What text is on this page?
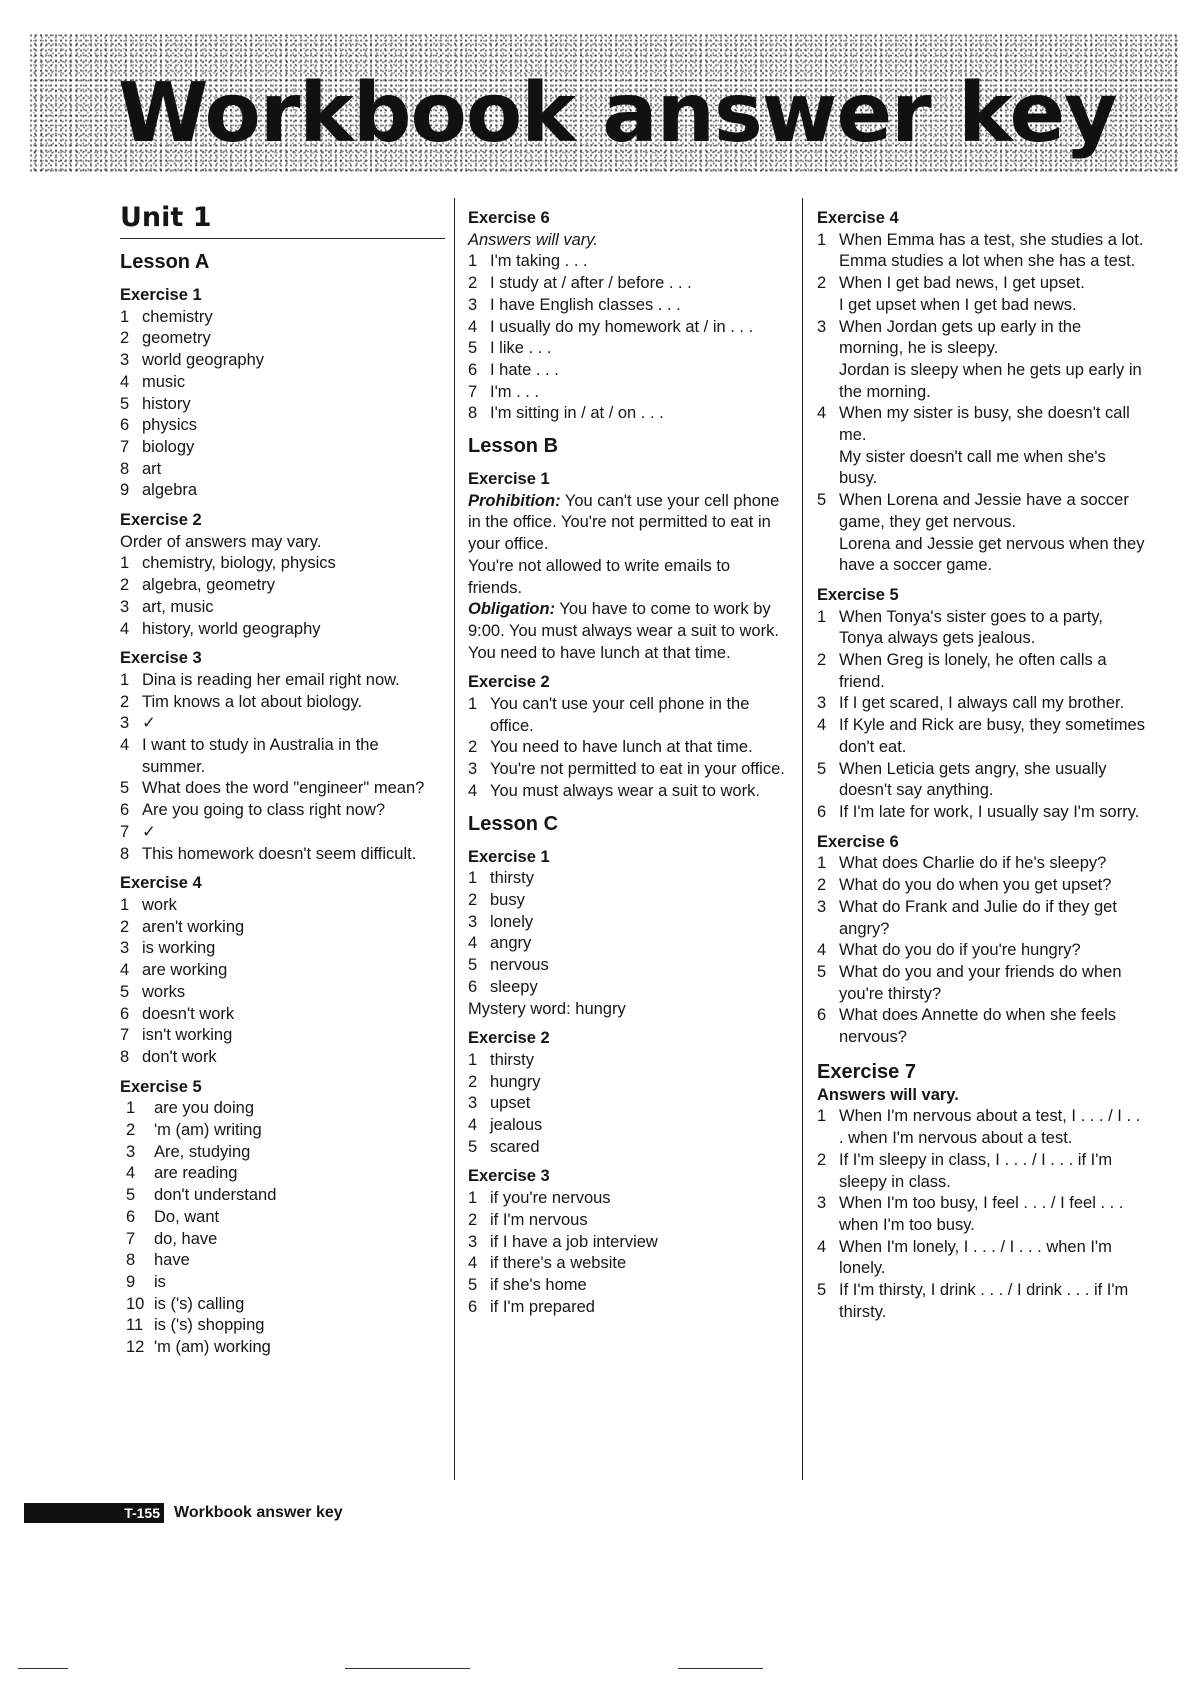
Workbook answer key
Unit 1
Lesson A
Exercise 1
1 chemistry
2 geometry
3 world geography
4 music
5 history
6 physics
7 biology
8 art
9 algebra
Exercise 2
Order of answers may vary.
1 chemistry, biology, physics
2 algebra, geometry
3 art, music
4 history, world geography
Exercise 3
1 Dina is reading her email right now.
2 Tim knows a lot about biology.
3 ✓
4 I want to study in Australia in the summer.
5 What does the word "engineer" mean?
6 Are you going to class right now?
7 ✓
8 This homework doesn't seem difficult.
Exercise 4
1 work
2 aren't working
3 is working
4 are working
5 works
6 doesn't work
7 isn't working
8 don't work
Exercise 5
1	are you doing
2	'm (am) writing
3	Are, studying
4	are reading
5	don't understand
6	Do, want
7	do, have
8	have
9	is
10 is ('s) calling
11 is ('s) shopping
12 'm (am) working
Exercise 6
Answers will vary.
1 I'm taking . . .
2 I study at / after / before . . .
3 I have English classes . . .
4 I usually do my homework at / in . . .
5 I like . . .
6 I hate . . .
7 I'm . . .
8 I'm sitting in / at / on . . .
Lesson B
Exercise 1
Prohibition: You can't use your cell phone in the office. You're not permitted to eat in your office.
You're not allowed to write emails to friends.
Obligation: You have to come to work by 9:00. You must always wear a suit to work. You need to have lunch at that time.
Exercise 2
1 You can't use your cell phone in the office.
2 You need to have lunch at that time.
3 You're not permitted to eat in your office.
4 You must always wear a suit to work.
Lesson C
Exercise 1
1 thirsty
2 busy
3 lonely
4 angry
5 nervous
6 sleepy
Mystery word: hungry
Exercise 2
1 thirsty
2 hungry
3 upset
4 jealous
5 scared
Exercise 3
1 if you're nervous
2 if I'm nervous
3 if I have a job interview
4 if there's a website
5 if she's home
6 if I'm prepared
Exercise 4
1 When Emma has a test, she studies a lot.
Emma studies a lot when she has a test.
2 When I get bad news, I get upset.
I get upset when I get bad news.
3 When Jordan gets up early in the morning, he is sleepy.
Jordan is sleepy when he gets up early in the morning.
4 When my sister is busy, she doesn't call me.
My sister doesn't call me when she's busy.
5 When Lorena and Jessie have a soccer game, they get nervous.
Lorena and Jessie get nervous when they have a soccer game.
Exercise 5
1 When Tonya's sister goes to a party, Tonya always gets jealous.
2 When Greg is lonely, he often calls a friend.
3 If I get scared, I always call my brother.
4 If Kyle and Rick are busy, they sometimes don't eat.
5 When Leticia gets angry, she usually doesn't say anything.
6 If I'm late for work, I usually say I'm sorry.
Exercise 6
1 What does Charlie do if he's sleepy?
2 What do you do when you get upset?
3 What do Frank and Julie do if they get angry?
4 What do you do if you're hungry?
5 What do you and your friends do when you're thirsty?
6 What does Annette do when she feels nervous?
Exercise 7
Answers will vary.
1 When I'm nervous about a test, I . . . / I . . . when I'm nervous about a test.
2 If I'm sleepy in class, I . . . / I . . . if I'm sleepy in class.
3 When I'm too busy, I feel . . . / I feel . . . when I'm too busy.
4 When I'm lonely, I . . . / I . . . when I'm lonely.
5 If I'm thirsty, I drink . . . / I drink . . . if I'm thirsty.
T-155 Workbook answer key
